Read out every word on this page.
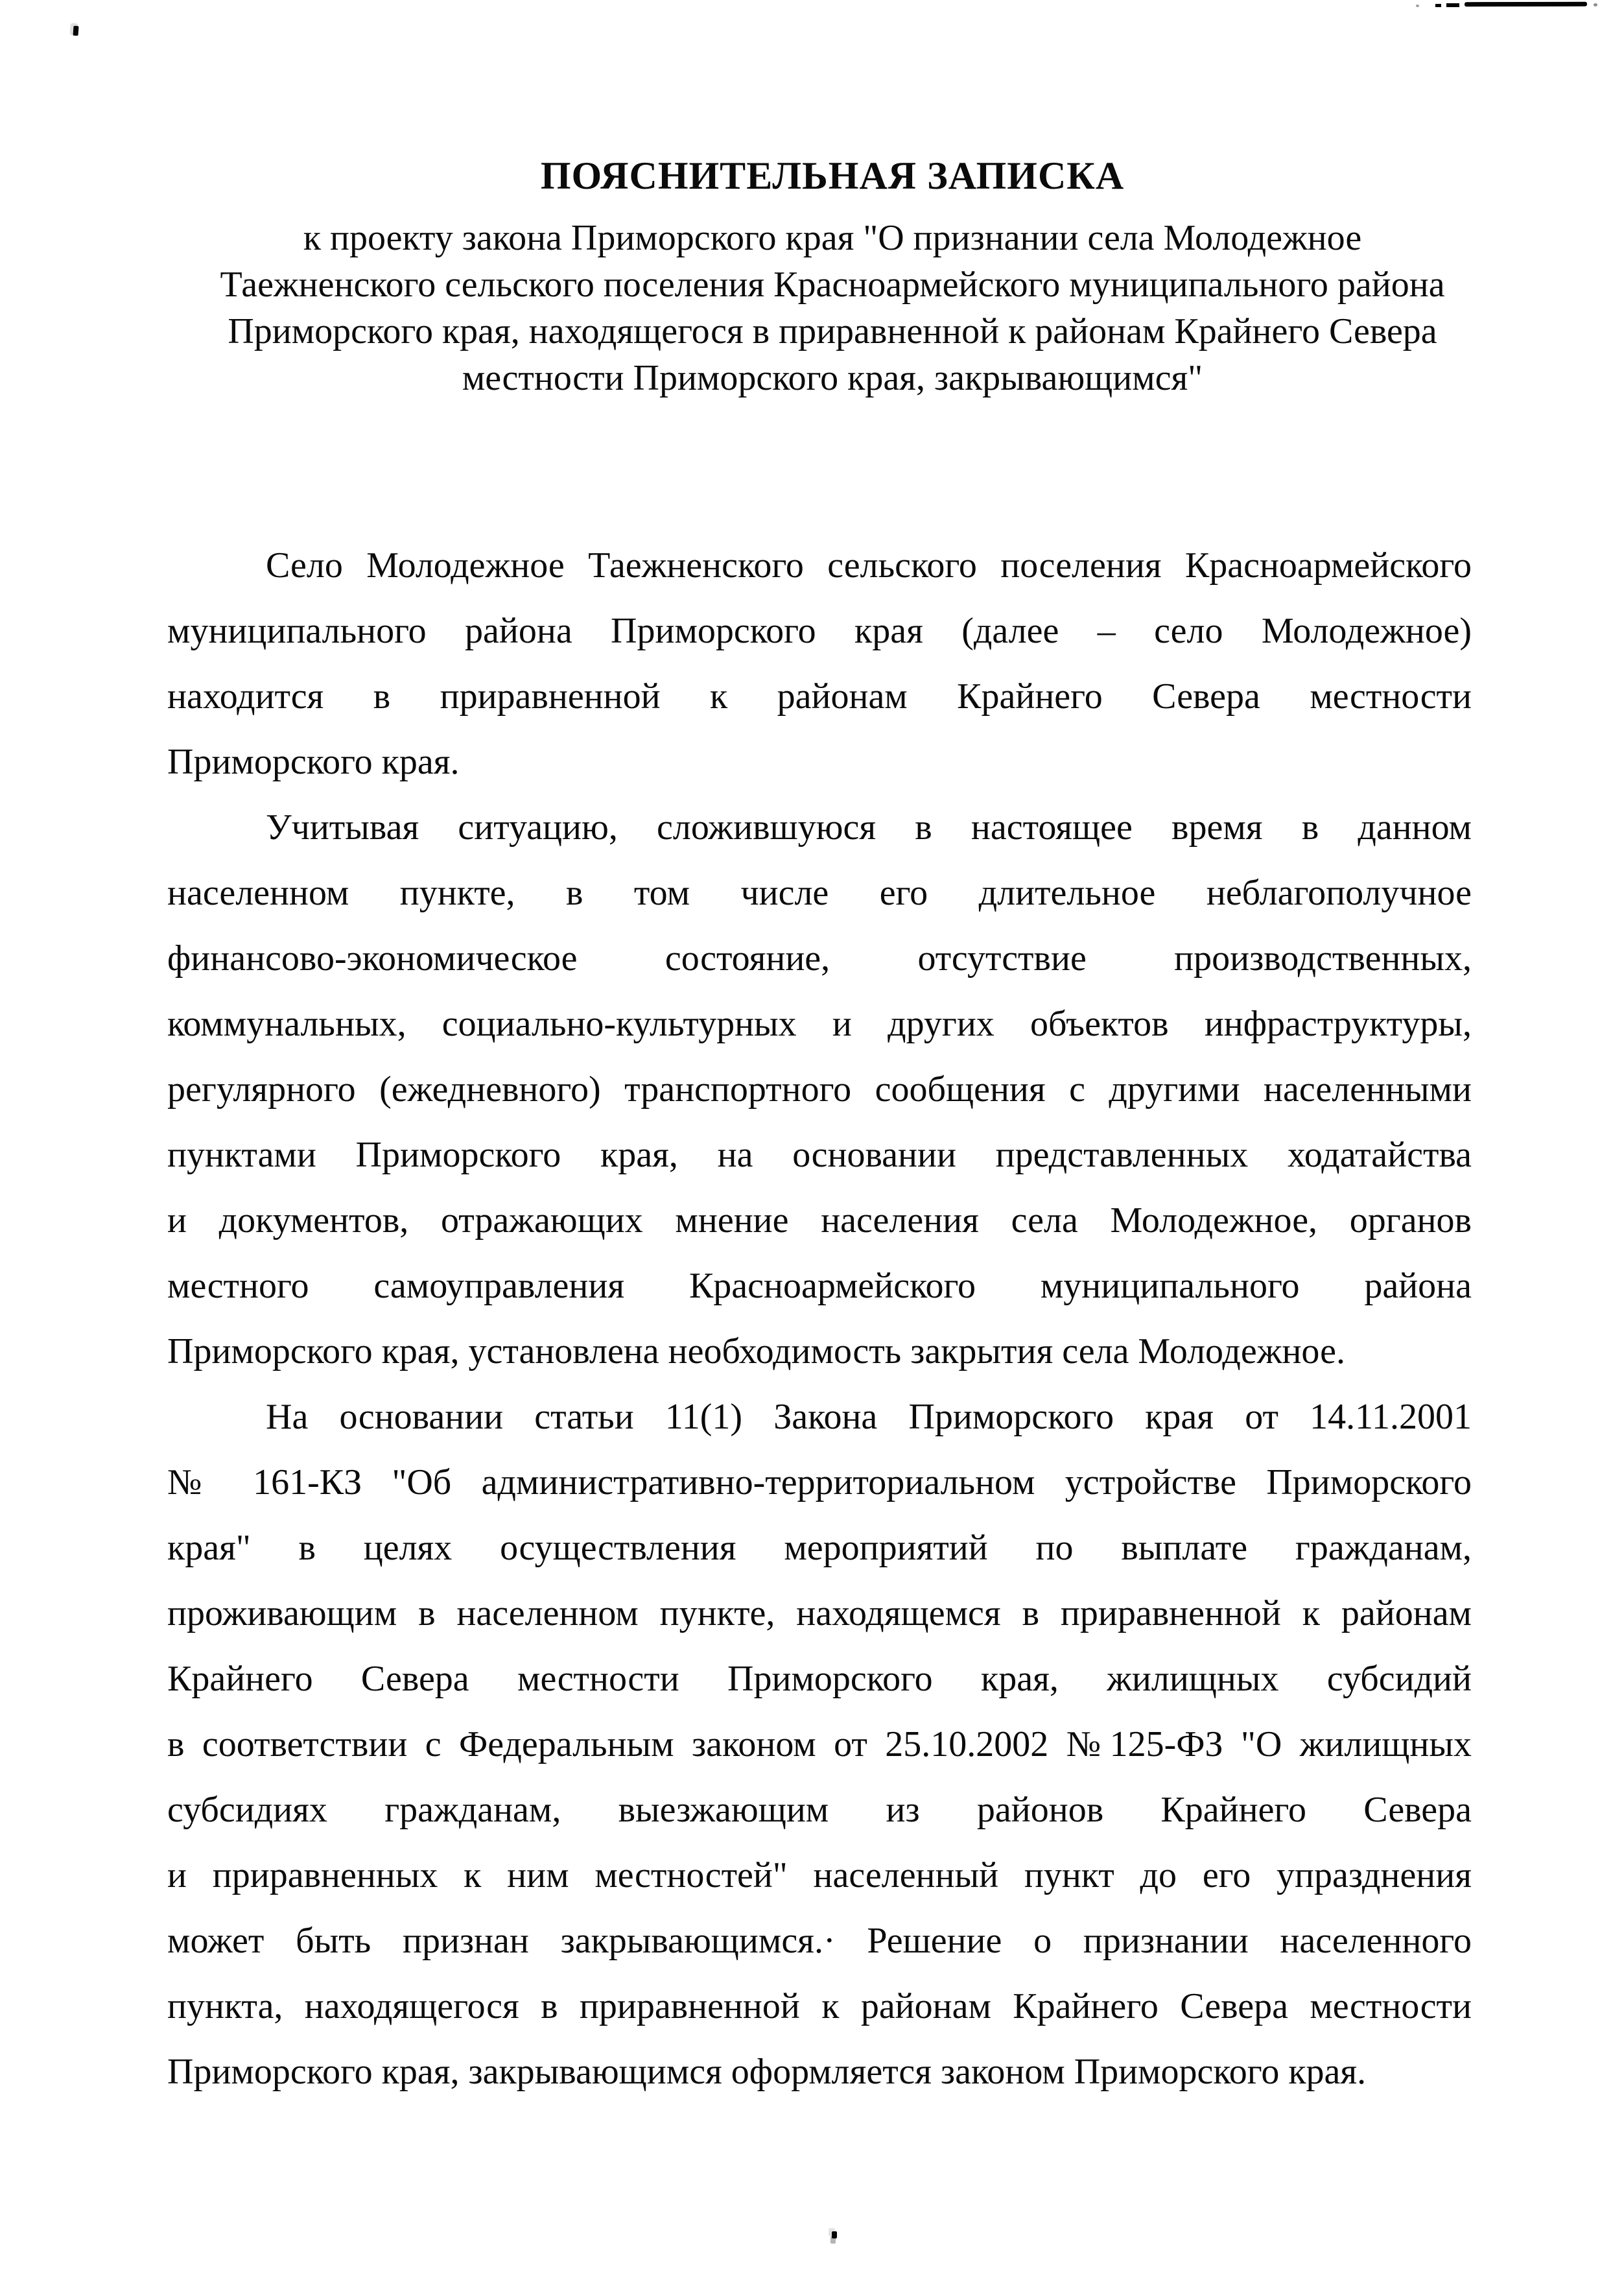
ПОЯСНИТЕЛЬНАЯ ЗАПИСКА
к проекту закона Приморского края "О признании села Молодежное
Таежненского сельского поселения Красноармейского муниципального района
Приморского края, находящегося в приравненной к районам Крайнего Севера
местности Приморского края, закрывающимся"
Село Молодежное Таежненского сельского поселения Красноармейского
муниципального района Приморского края (далее – село Молодежное)
находится в приравненной к районам Крайнего Севера местности
Приморского края.
Учитывая ситуацию, сложившуюся в настоящее время в данном
населенном пункте, в том числе его длительное неблагополучное
финансово-экономическое состояние, отсутствие производственных,
коммунальных, социально-культурных и других объектов инфраструктуры,
регулярного (ежедневного) транспортного сообщения с другими населенными
пунктами Приморского края, на основании представленных ходатайства
и документов, отражающих мнение населения села Молодежное, органов
местного самоуправления Красноармейского муниципального района
Приморского края, установлена необходимость закрытия села Молодежное.
На основании статьи 11(1) Закона Приморского края от 14.11.2001
№ 161-КЗ "Об административно-территориальном устройстве Приморского
края" в целях осуществления мероприятий по выплате гражданам,
проживающим в населенном пункте, находящемся в приравненной к районам
Крайнего Севера местности Приморского края, жилищных субсидий
в соответствии с Федеральным законом от 25.10.2002 №125-ФЗ "О жилищных
субсидиях гражданам, выезжающим из районов Крайнего Севера
и приравненных к ним местностей" населенный пункт до его упразднения
может быть признан закрывающимся.· Решение о признании населенного
пункта, находящегося в приравненной к районам Крайнего Севера местности
Приморского края, закрывающимся оформляется законом Приморского края.
